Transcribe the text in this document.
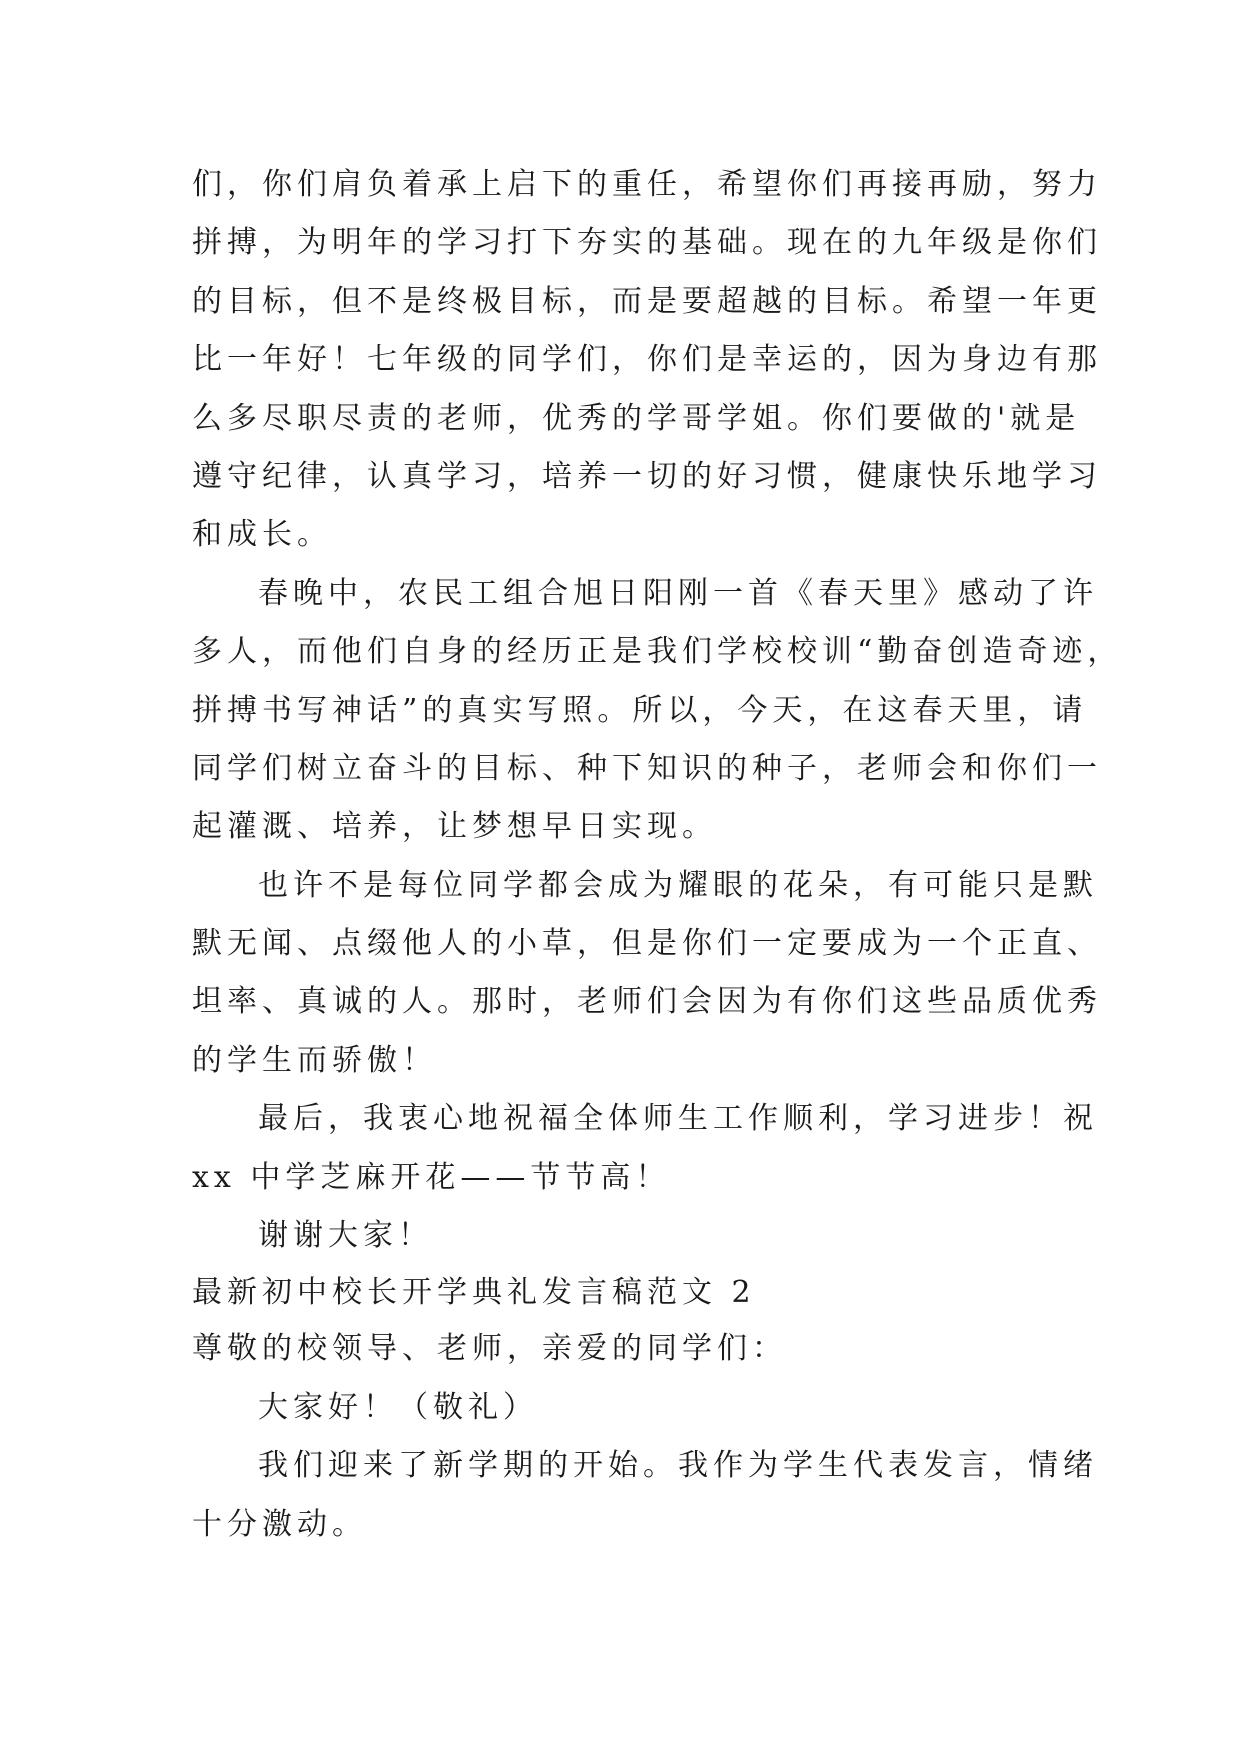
们，你们肩负着承上启下的重任，希望你们再接再励，努力
拼搏，为明年的学习打下夯实的基础。现在的九年级是你们
的目标，但不是终极目标，而是要超越的目标。希望一年更
比一年好！七年级的同学们，你们是幸运的，因为身边有那
么多尽职尽责的老师，优秀的学哥学姐。你们要做的'就是
遵守纪律，认真学习，培养一切的好习惯，健康快乐地学习
和成长。
春晚中，农民工组合旭日阳刚一首《春天里》感动了许
多人，而他们自身的经历正是我们学校校训“勤奋创造奇迹，
拼搏书写神话”的真实写照。所以，今天，在这春天里，请
同学们树立奋斗的目标、种下知识的种子，老师会和你们一
起灌溉、培养，让梦想早日实现。
也许不是每位同学都会成为耀眼的花朵，有可能只是默
默无闻、点缀他人的小草，但是你们一定要成为一个正直、
坦率、真诚的人。那时，老师们会因为有你们这些品质优秀
的学生而骄傲！
最后，我衷心地祝福全体师生工作顺利，学习进步！祝
xx 中学芝麻开花——节节高！
谢谢大家！
最新初中校长开学典礼发言稿范文 2
尊敬的校领导、老师，亲爱的同学们：
大家好！（敬礼）
我们迎来了新学期的开始。我作为学生代表发言，情绪
十分激动。
